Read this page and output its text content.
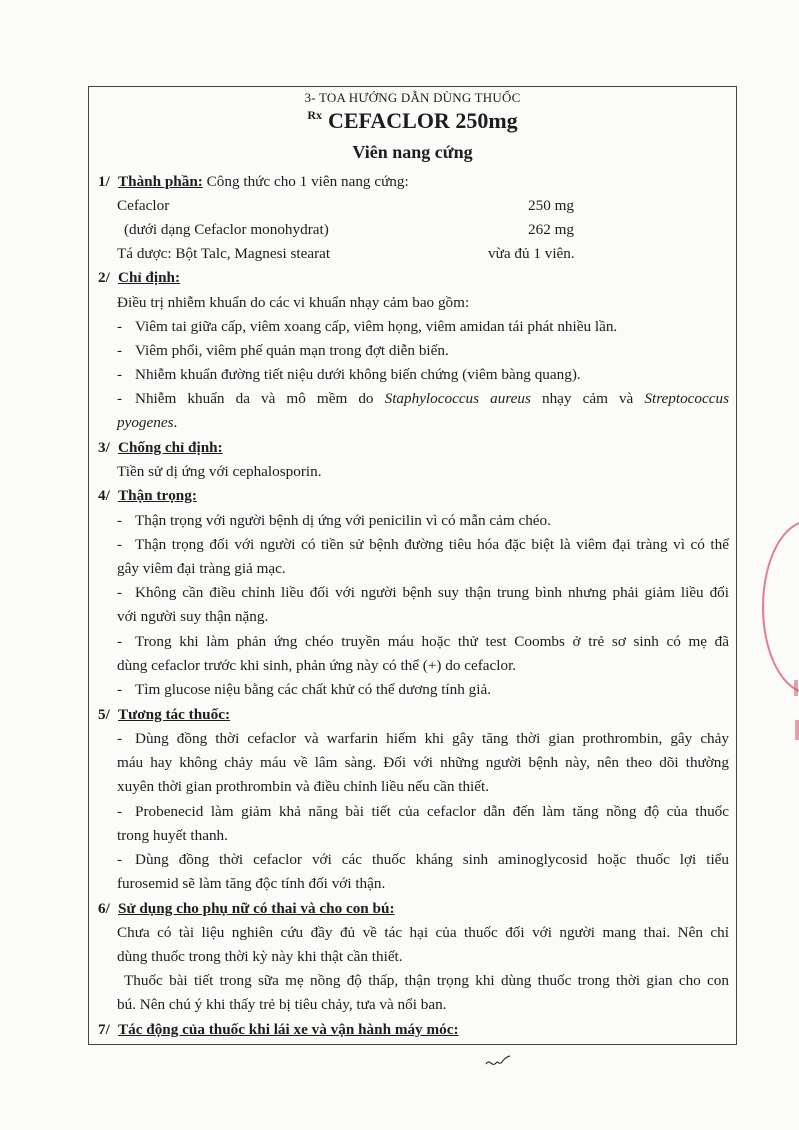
3- TOA HƯỚNG DẪN DÙNG THUỐC
$^{Rx}$ CEFACLOR 250mg
Viên nang cứng
1/ Thành phần: Công thức cho 1 viên nang cứng:
Cefaclor	250 mg
(dưới dạng Cefaclor monohydrat)	262 mg
Tá dược: Bột Talc, Magnesi stearat	vừa đủ 1 viên.
2/ Chỉ định:
Điều trị nhiễm khuẩn do các vi khuẩn nhạy cảm bao gồm:
- Viêm tai giữa cấp, viêm xoang cấp, viêm họng, viêm amidan tái phát nhiều lần.
- Viêm phổi, viêm phế quản mạn trong đợt diễn biến.
- Nhiễm khuẩn đường tiết niệu dưới không biến chứng (viêm bàng quang).
- Nhiễm khuẩn da và mô mềm do Staphylococcus aureus nhạy cảm và Streptococcus
pyogenes.
3/ Chống chỉ định:
Tiền sử dị ứng với cephalosporin.
4/ Thận trọng:
- Thận trọng với người bệnh dị ứng với penicilin vì có mẫn cảm chéo.
- Thận trọng đối với người có tiền sử bệnh đường tiêu hóa đặc biệt là viêm đại tràng vì có thể
gây viêm đại tràng giả mạc.
- Không cần điều chỉnh liều đối với người bệnh suy thận trung bình nhưng phải giảm liều đối
với người suy thận nặng.
- Trong khi làm phản ứng chéo truyền máu hoặc thử test Coombs ở trẻ sơ sinh có mẹ đã
dùng cefaclor trước khi sinh, phản ứng này có thể (+) do cefaclor.
- Tìm glucose niệu bằng các chất khử có thể dương tính giả.
5/ Tương tác thuốc:
- Dùng đồng thời cefaclor và warfarin hiếm khi gây tăng thời gian prothrombin, gây chảy
máu hay không chảy máu về lâm sàng. Đối với những người bệnh này, nên theo dõi thường
xuyên thời gian prothrombin và điều chỉnh liều nếu cần thiết.
- Probenecid làm giảm khả năng bài tiết của cefaclor dẫn đến làm tăng nồng độ của thuốc
trong huyết thanh.
- Dùng đồng thời cefaclor với các thuốc kháng sinh aminoglycosid hoặc thuốc lợi tiểu
furosemid sẽ làm tăng độc tính đối với thận.
6/ Sử dụng cho phụ nữ có thai và cho con bú:
Chưa có tài liệu nghiên cứu đầy đủ về tác hại của thuốc đối với người mang thai. Nên chỉ
dùng thuốc trong thời kỳ này khi thật cần thiết.
Thuốc bài tiết trong sữa mẹ nồng độ thấp, thận trọng khi dùng thuốc trong thời gian cho con
bú. Nên chú ý khi thấy trẻ bị tiêu chảy, tưa và nổi ban.
7/ Tác động của thuốc khi lái xe và vận hành máy móc:
